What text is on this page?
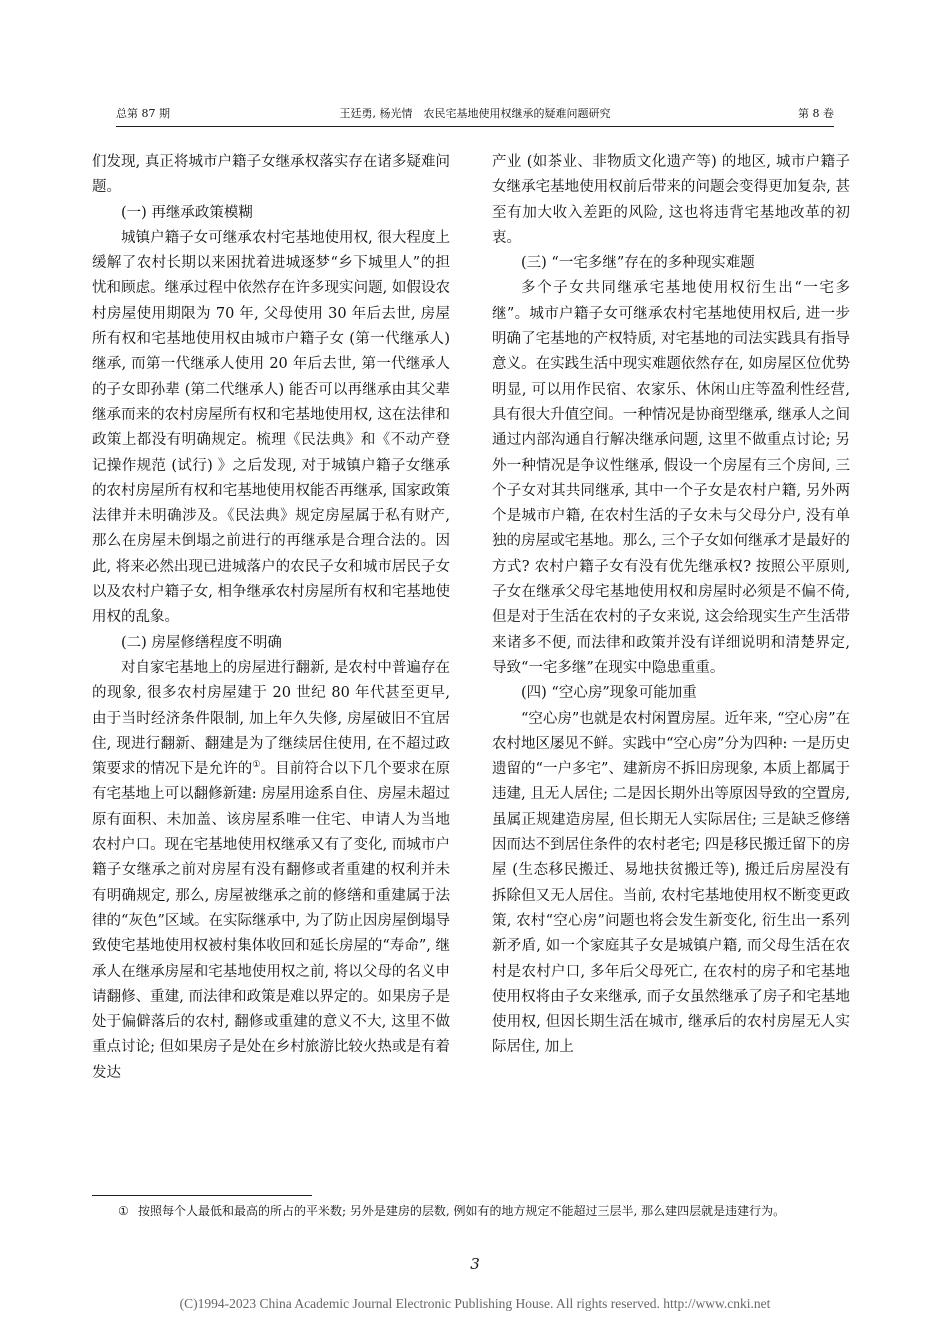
总第 87 期	王廷勇, 杨光情　农民宅基地使用权继承的疑难问题研究	第 8 卷

们发现, 真正将城市户籍子女继承权落实存在诸多疑难问题。

(一) 再继承政策模糊

城镇户籍子女可继承农村宅基地使用权, 很大程度上缓解了农村长期以来困扰着进城逐梦“乡下城里人”的担忧和顾虑。继承过程中依然存在许多现实问题, 如假设农村房屋使用期限为 70 年, 父母使用 30 年后去世, 房屋所有权和宅基地使用权由城市户籍子女 (第一代继承人) 继承, 而第一代继承人使用 20 年后去世, 第一代继承人的子女即孙辈 (第二代继承人) 能否可以再继承由其父辈继承而来的农村房屋所有权和宅基地使用权, 这在法律和政策上都没有明确规定。梳理《民法典》和《不动产登记操作规范 (试行) 》之后发现, 对于城镇户籍子女继承的农村房屋所有权和宅基地使用权能否再继承, 国家政策法律并未明确涉及。《民法典》规定房屋属于私有财产, 那么在房屋未倒塌之前进行的再继承是合理合法的。因此, 将来必然出现已进城落户的农民子女和城市居民子女以及农村户籍子女, 相争继承农村房屋所有权和宅基地使用权的乱象。

(二) 房屋修缮程度不明确

对自家宅基地上的房屋进行翻新, 是农村中普遍存在的现象, 很多农村房屋建于 20 世纪 80 年代甚至更早, 由于当时经济条件限制, 加上年久失修, 房屋破旧不宜居住, 现进行翻新、翻建是为了继续居住使用, 在不超过政策要求的情况下是允许的①。目前符合以下几个要求在原有宅基地上可以翻修新建: 房屋用途系自住、房屋未超过原有面积、未加盖、该房屋系唯一住宅、申请人为当地农村户口。现在宅基地使用权继承又有了变化, 而城市户籍子女继承之前对房屋有没有翻修或者重建的权利并未有明确规定, 那么, 房屋被继承之前的修缮和重建属于法律的“灰色”区域。在实际继承中, 为了防止因房屋倒塌导致使宅基地使用权被村集体收回和延长房屋的“寿命”, 继承人在继承房屋和宅基地使用权之前, 将以父母的名义申请翻修、重建, 而法律和政策是难以界定的。如果房子是处于偏僻落后的农村, 翻修或重建的意义不大, 这里不做重点讨论; 但如果房子是处在乡村旅游比较火热或是有着发达

产业 (如茶业、非物质文化遗产等) 的地区, 城市户籍子女继承宅基地使用权前后带来的问题会变得更加复杂, 甚至有加大收入差距的风险, 这也将违背宅基地改革的初衷。

(三) “一宅多继”存在的多种现实难题

多个子女共同继承宅基地使用权衍生出“一宅多继”。城市户籍子女可继承农村宅基地使用权后, 进一步明确了宅基地的产权特质, 对宅基地的司法实践具有指导意义。在实践生活中现实难题依然存在, 如房屋区位优势明显, 可以用作民宿、农家乐、休闲山庄等盈利性经营, 具有很大升值空间。一种情况是协商型继承, 继承人之间通过内部沟通自行解决继承问题, 这里不做重点讨论; 另外一种情况是争议性继承, 假设一个房屋有三个房间, 三个子女对其共同继承, 其中一个子女是农村户籍, 另外两个是城市户籍, 在农村生活的子女未与父母分户, 没有单独的房屋或宅基地。那么, 三个子女如何继承才是最好的方式? 农村户籍子女有没有优先继承权? 按照公平原则, 子女在继承父母宅基地使用权和房屋时必须是不偏不倚, 但是对于生活在农村的子女来说, 这会给现实生产生活带来诸多不便, 而法律和政策并没有详细说明和清楚界定, 导致“一宅多继”在现实中隐患重重。

(四) “空心房”现象可能加重

“空心房”也就是农村闲置房屋。近年来, “空心房”在农村地区屡见不鲜。实践中“空心房”分为四种: 一是历史遗留的“一户多宅”、建新房不拆旧房现象, 本质上都属于违建, 且无人居住; 二是因长期外出等原因导致的空置房, 虽属正规建造房屋, 但长期无人实际居住; 三是缺乏修缮因而达不到居住条件的农村老宅; 四是移民搬迁留下的房屋 (生态移民搬迁、易地扶贫搬迁等), 搬迁后房屋没有拆除但又无人居住。当前, 农村宅基地使用权不断变更政策, 农村“空心房”问题也将会发生新变化, 衍生出一系列新矛盾, 如一个家庭其子女是城镇户籍, 而父母生活在农村是农村户口, 多年后父母死亡, 在农村的房子和宅基地使用权将由子女来继承, 而子女虽然继承了房子和宅基地使用权, 但因长期生活在城市, 继承后的农村房屋无人实际居住, 加上

① 按照每个人最低和最高的所占的平米数; 另外是建房的层数, 例如有的地方规定不能超过三层半, 那么建四层就是违建行为。
3
(C)1994-2023 China Academic Journal Electronic Publishing House. All rights reserved. http://www.cnki.net
